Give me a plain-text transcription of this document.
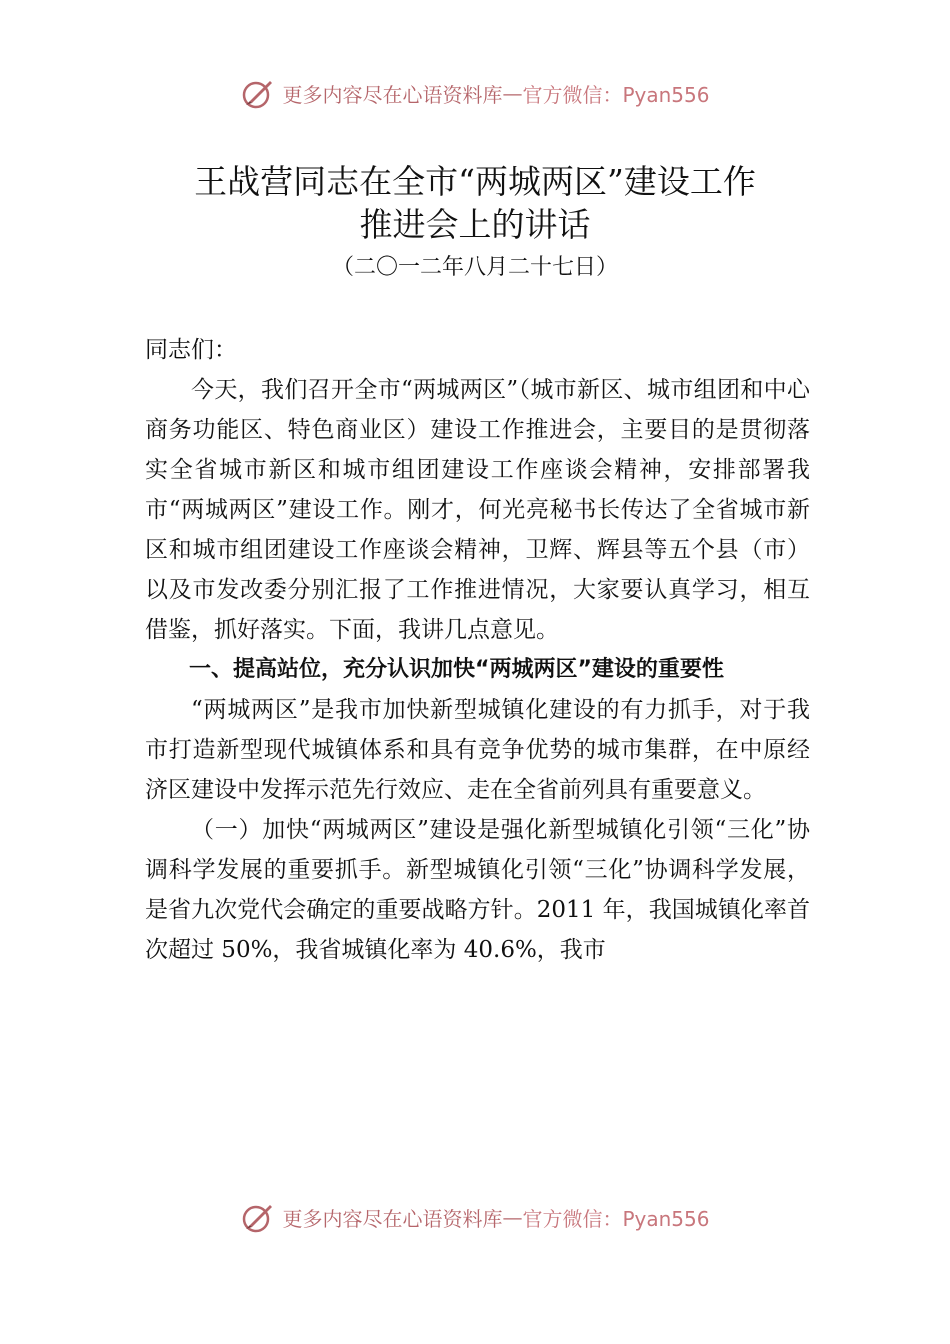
更多内容尽在心语资料库 — 官方微信：Pyan556
王战营同志在全市“两城两区”建设工作
推进会上的讲话
（二〇一二年八月二十七日）

同志们：

今天，我们召开全市“两城两区”（城市新区、城市组团和中心商务功能区、特色商业区）建设工作推进会，主要目的是贯彻落实全省城市新区和城市组团建设工作座谈会精神，安排部署我市“两城两区”建设工作。刚才，何光亮秘书长传达了全省城市新区和城市组团建设工作座谈会精神，卫辉、辉县等五个县（市）以及市发改委分别汇报了工作推进情况，大家要认真学习，相互借鉴，抓好落实。下面，我讲几点意见。

一、提高站位，充分认识加快“两城两区”建设的重要性

“两城两区”是我市加快新型城镇化建设的有力抓手，对于我市打造新型现代城镇体系和具有竞争优势的城市集群，在中原经济区建设中发挥示范先行效应、走在全省前列具有重要意义。

（一）加快“两城两区”建设是强化新型城镇化引领“三化”协调科学发展的重要抓手。新型城镇化引领“三化”协调科学发展，是省九次党代会确定的重要战略方针。2011 年，我国城镇化率首次超过 50%，我省城镇化率为 40.6%，我市

更多内容尽在心语资料库 — 官方微信：Pyan556
